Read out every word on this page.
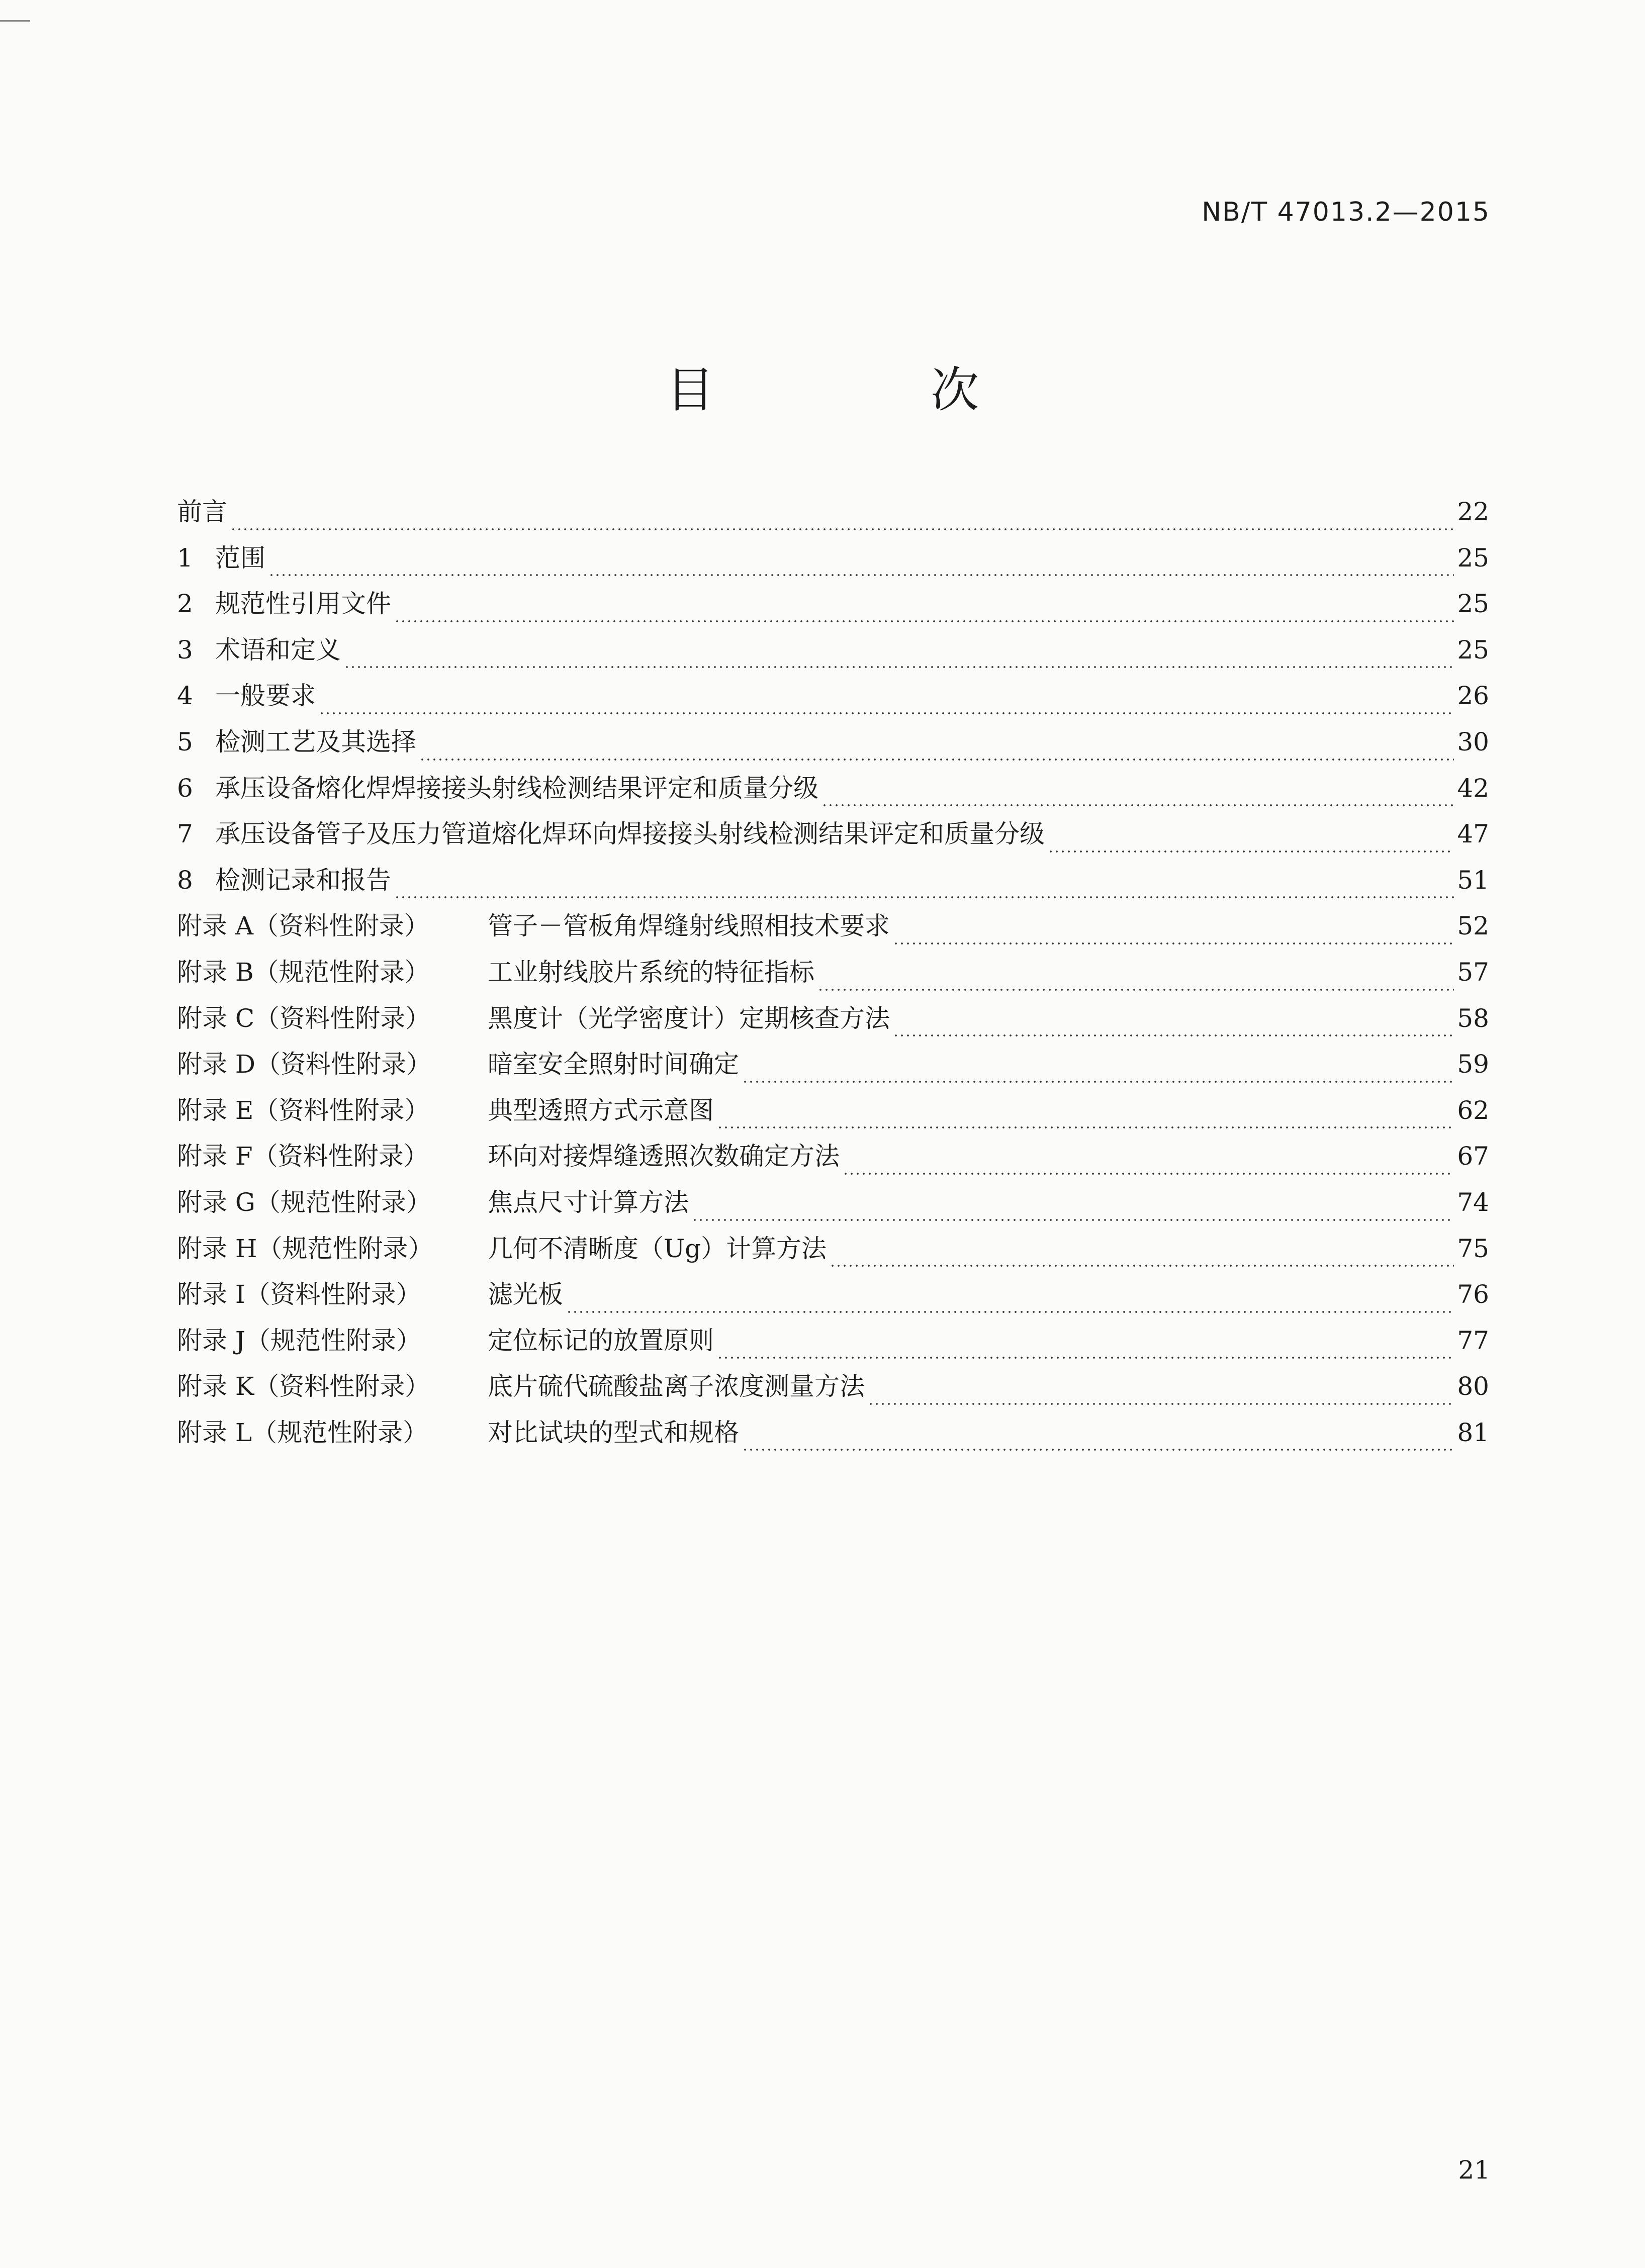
NB/T 47013.2—2015
目 次
前言	22
1 范围	25
2 规范性引用文件	25
3 术语和定义	25
4 一般要求	26
5 检测工艺及其选择	30
6 承压设备熔化焊焊接接头射线检测结果评定和质量分级	42
7 承压设备管子及压力管道熔化焊环向焊接接头射线检测结果评定和质量分级	47
8 检测记录和报告	51
附录 A（资料性附录）	管子－管板角焊缝射线照相技术要求	52
附录 B（规范性附录）	工业射线胶片系统的特征指标	57
附录 C（资料性附录）	黑度计（光学密度计）定期核查方法	58
附录 D（资料性附录）	暗室安全照射时间确定	59
附录 E（资料性附录）	典型透照方式示意图	62
附录 F（资料性附录）	环向对接焊缝透照次数确定方法	67
附录 G（规范性附录）	焦点尺寸计算方法	74
附录 H（规范性附录）	几何不清晰度（Ug）计算方法	75
附录 I（资料性附录）	滤光板	76
附录 J（规范性附录）	定位标记的放置原则	77
附录 K（资料性附录）	底片硫代硫酸盐离子浓度测量方法	80
附录 L（规范性附录）	对比试块的型式和规格	81
21
